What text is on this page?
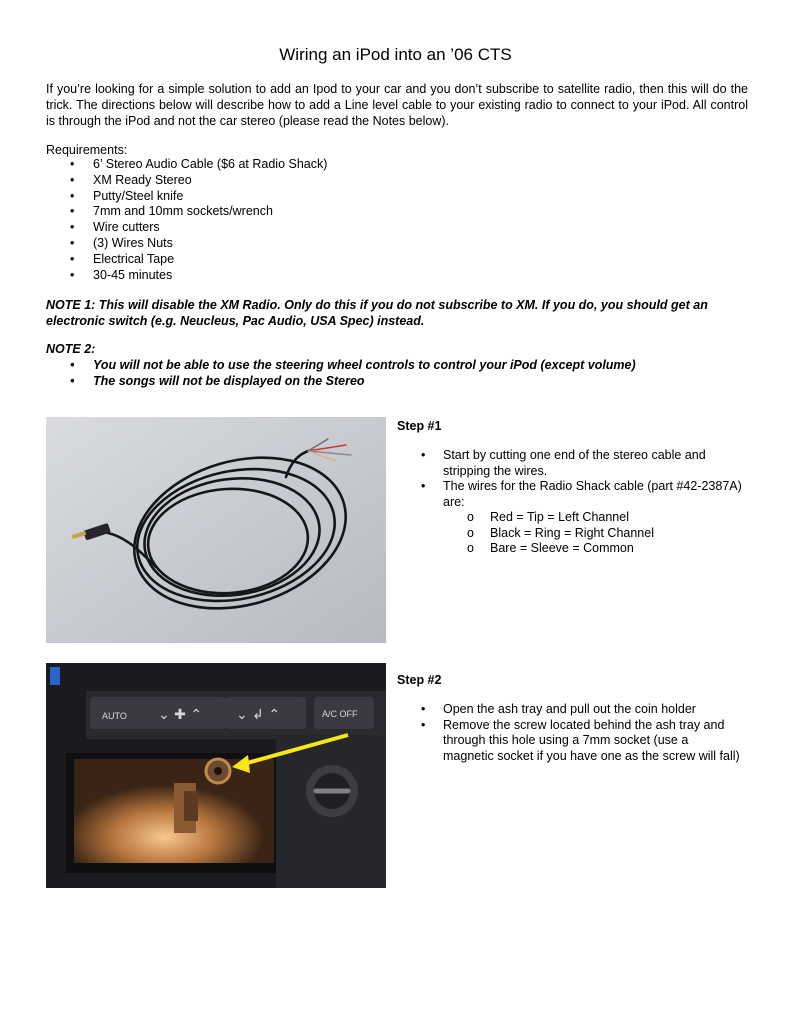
Wiring an iPod into an ’06 CTS
If you’re looking for a simple solution to add an Ipod to your car and you don’t subscribe to satellite radio, then this will do the trick. The directions below will describe how to add a Line level cable to your existing radio to connect to your iPod. All control is through the iPod and not the car stereo (please read the Notes below).
Requirements:
•	6’ Stereo Audio Cable ($6 at Radio Shack)
•	XM Ready Stereo
•	Putty/Steel knife
•	7mm and 10mm sockets/wrench
•	Wire cutters
•	(3) Wires Nuts
•	Electrical Tape
•	30-45 minutes
NOTE 1: This will disable the XM Radio. Only do this if you do not subscribe to XM. If you do, you should get an electronic switch (e.g. Neucleus, Pac Audio, USA Spec) instead.
NOTE 2:
•	You will not be able to use the steering wheel controls to control your iPod (except volume)
•	The songs will not be displayed on the Stereo
Step #1
•	Start by cutting one end of the stereo cable and stripping the wires.
•	The wires for the Radio Shack cable (part #42-2387A) are:
o Red = Tip = Left Channel
o Black = Ring = Right Channel
o Bare = Sleeve = Common
AUTO ⌄ ✚ ⌃ ⌄ ↲ ⌃	A/C OFF
Step #2
•	Open the ash tray and pull out the coin holder
•	Remove the screw located behind the ash tray and through this hole using a 7mm socket (use a magnetic socket if you have one as the screw will fall)
